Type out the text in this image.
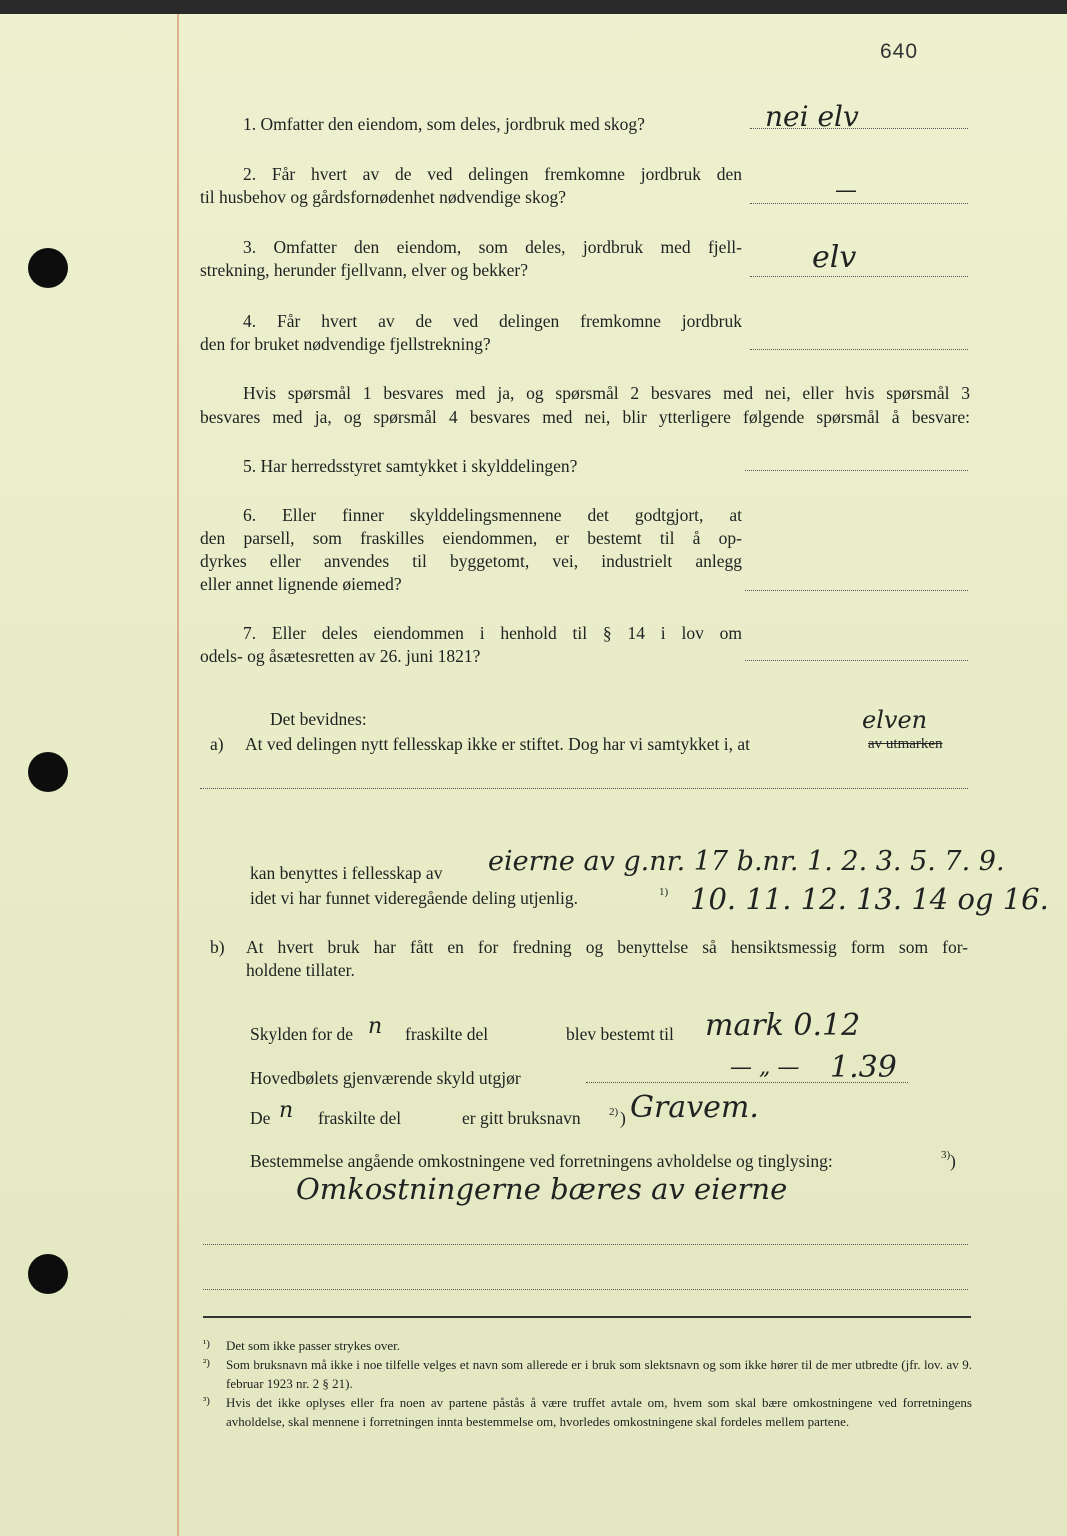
640
1. Omfatter den eiendom, som deles, jordbruk med skog?	nei elv
2. Får hvert av de ved delingen fremkomne jordbruk den
til husbehov og gårdsfornødenhet nødvendige skog?	—
3. Omfatter den eiendom, som deles, jordbruk med fjell-
strekning, herunder fjellvann, elver og bekker?	elv
4. Får hvert av de ved delingen fremkomne jordbruk
den for bruket nødvendige fjellstrekning?
Hvis spørsmål 1 besvares med ja, og spørsmål 2 besvares med nei, eller hvis spørsmål 3
besvares med ja, og spørsmål 4 besvares med nei, blir ytterligere følgende spørsmål å besvare:
5. Har herredsstyret samtykket i skylddelingen?
6. Eller finner skylddelingsmennene det godtgjort, at
den parsell, som fraskilles eiendommen, er bestemt til å op-
dyrkes eller anvendes til byggetomt, vei, industrielt anlegg
eller annet lignende øiemed?
7. Eller deles eiendommen i henhold til § 14 i lov om
odels- og åsætesretten av 26. juni 1821?
Det bevidnes:
a) At ved delingen nytt fellesskap ikke er stiftet. Dog har vi samtykket i, at	av utmarken
elven
kan benyttes i fellesskap av eierne av g.nr. 17 b.nr. 1. 2. 3. 5. 7. 9.
idet vi har funnet videregående deling utjenlig.	1) 10. 11. 12. 13. 14 og 16.
b) At hvert bruk har fått en for fredning og benyttelse så hensiktsmessig form som for-
holdene tillater.
Skylden for de n fraskilte del	blev bestemt til mark 0.12
Hovedbølets gjenværende skyld utgjør	— „ — 1.39
De n fraskilte del	er gitt bruksnavn	2) ) Gravem.
Bestemmelse angående omkostningene ved forretningens avholdelse og tinglysing:	3) )
Omkostningerne bæres av eierne
¹) Det som ikke passer strykes over.
²) Som bruksnavn må ikke i noe tilfelle velges et navn som allerede er i bruk som slektsnavn og som ikke hører til de mer utbredte (jfr. lov. av 9. februar 1923 nr. 2 § 21).
³) Hvis det ikke oplyses eller fra noen av partene påstås å være truffet avtale om, hvem som skal bære omkostningene ved forretningens avholdelse, skal mennene i forretningen innta bestemmelse om, hvorledes omkostningene skal fordeles mellem partene.
